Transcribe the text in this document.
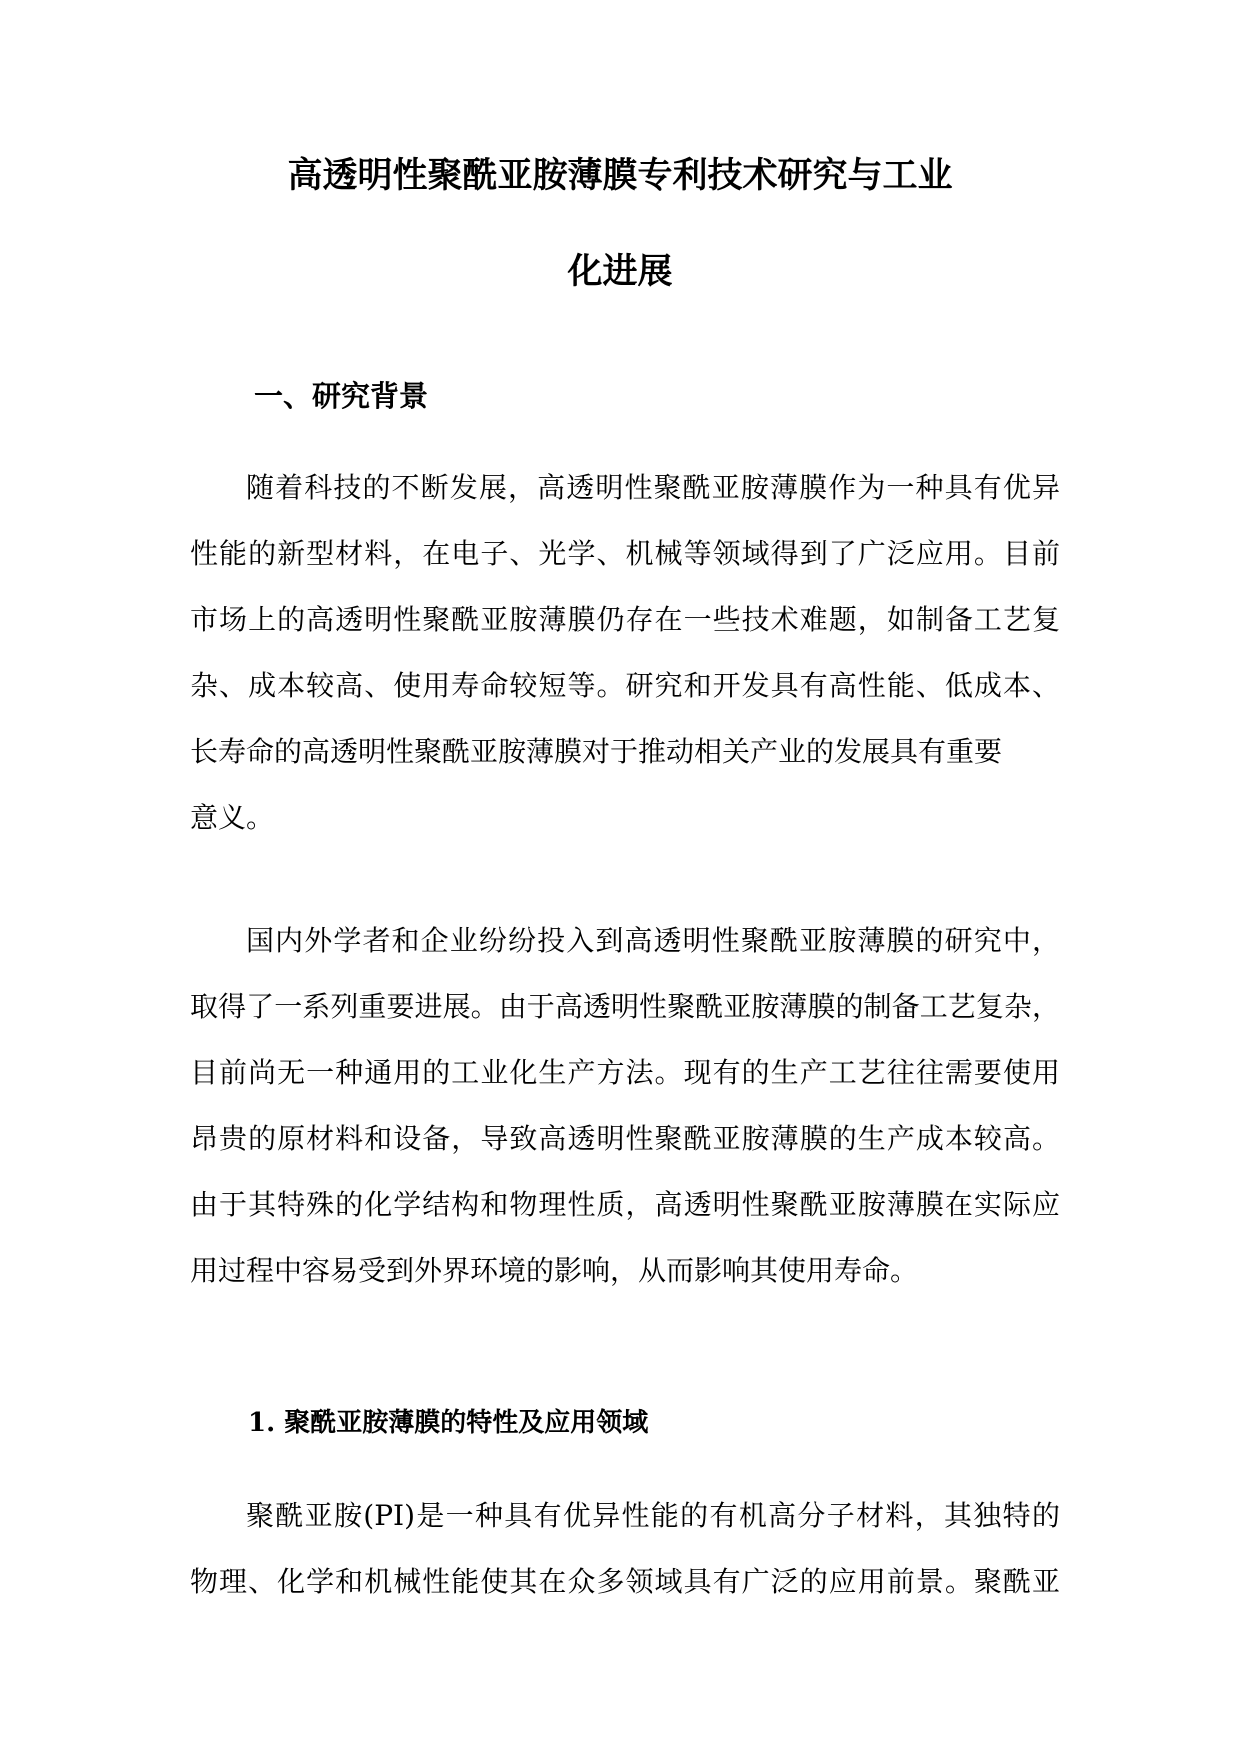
高透明性聚酰亚胺薄膜专利技术研究与工业
化进展
一、研究背景
随着科技的不断发展，高透明性聚酰亚胺薄膜作为一种具有优异
性能的新型材料，在电子、光学、机械等领域得到了广泛应用。目前
市场上的高透明性聚酰亚胺薄膜仍存在一些技术难题，如制备工艺复
杂、成本较高、使用寿命较短等。研究和开发具有高性能、低成本、
长寿命的高透明性聚酰亚胺薄膜对于推动相关产业的发展具有重要
意义。
国内外学者和企业纷纷投入到高透明性聚酰亚胺薄膜的研究中，
取得了一系列重要进展。由于高透明性聚酰亚胺薄膜的制备工艺复杂，
目前尚无一种通用的工业化生产方法。现有的生产工艺往往需要使用
昂贵的原材料和设备，导致高透明性聚酰亚胺薄膜的生产成本较高。
由于其特殊的化学结构和物理性质，高透明性聚酰亚胺薄膜在实际应
用过程中容易受到外界环境的影响，从而影响其使用寿命。
1. 聚酰亚胺薄膜的特性及应用领域
聚酰亚胺(PI)是一种具有优异性能的有机高分子材料，其独特的
物理、化学和机械性能使其在众多领域具有广泛的应用前景。聚酰亚
